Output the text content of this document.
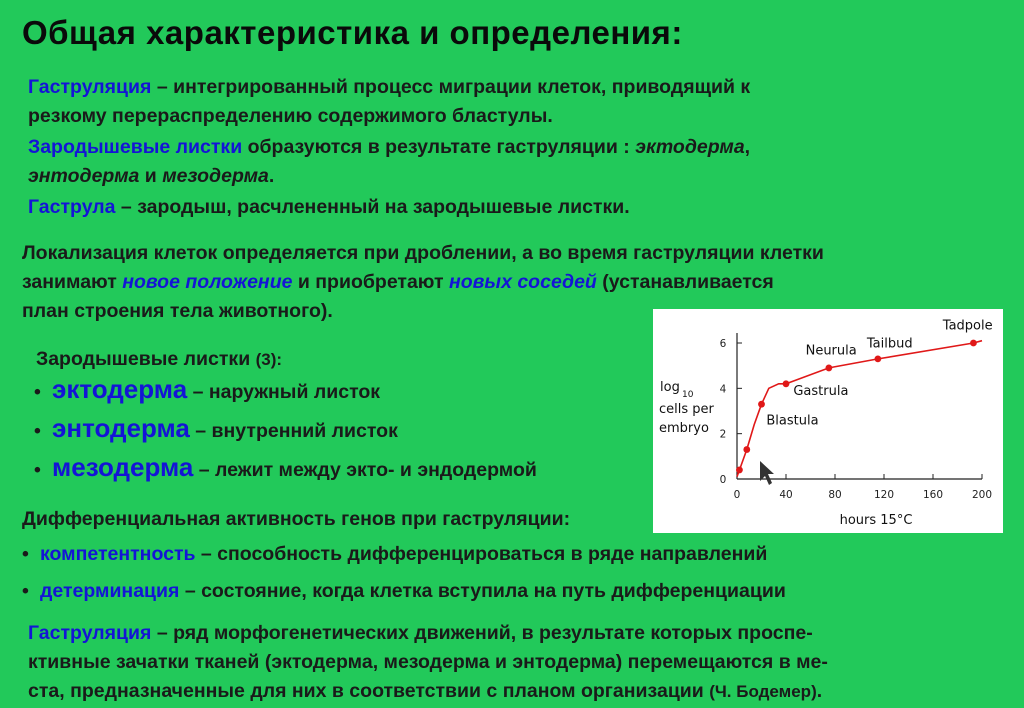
Общая характеристика и определения:
Гаструляция – интегрированный процесс миграции клеток, приводящий к
резкому перераспределению содержимого бластулы.
Зародышевые листки образуются в результате гаструляции : эктодерма,
энтодерма и мезодерма.
Гаструла – зародыш, расчлененный на зародышевые листки.
Локализация клеток определяется при дроблении, а во время гаструляции клетки
занимают новое положение и приобретают новых соседей (устанавливается
план строения тела животного).
Зародышевые листки (3):
• эктодерма – наружный листок
• энтодерма – внутренний листок
• мезодерма – лежит между экто- и эндодермой
Дифференциальная активность генов при гаструляции:
• компетентность – способность дифференцироваться в ряде направлений
• детерминация – состояние, когда клетка вступила на путь дифференциации
Гаструляция – ряд морфогенетических движений, в результате которых проспе-
ктивные зачатки тканей (эктодерма, мезодерма и энтодерма) перемещаются в ме-
ста, предназначенные для них в соответствии с планом организации (Ч. Бодемер).
0	40	80	120	160	200
0
2
4
6
Blastula
Gastrula
Neurula Tailbud
Tadpole
log 10
cells per
embryo
hours 15°C
